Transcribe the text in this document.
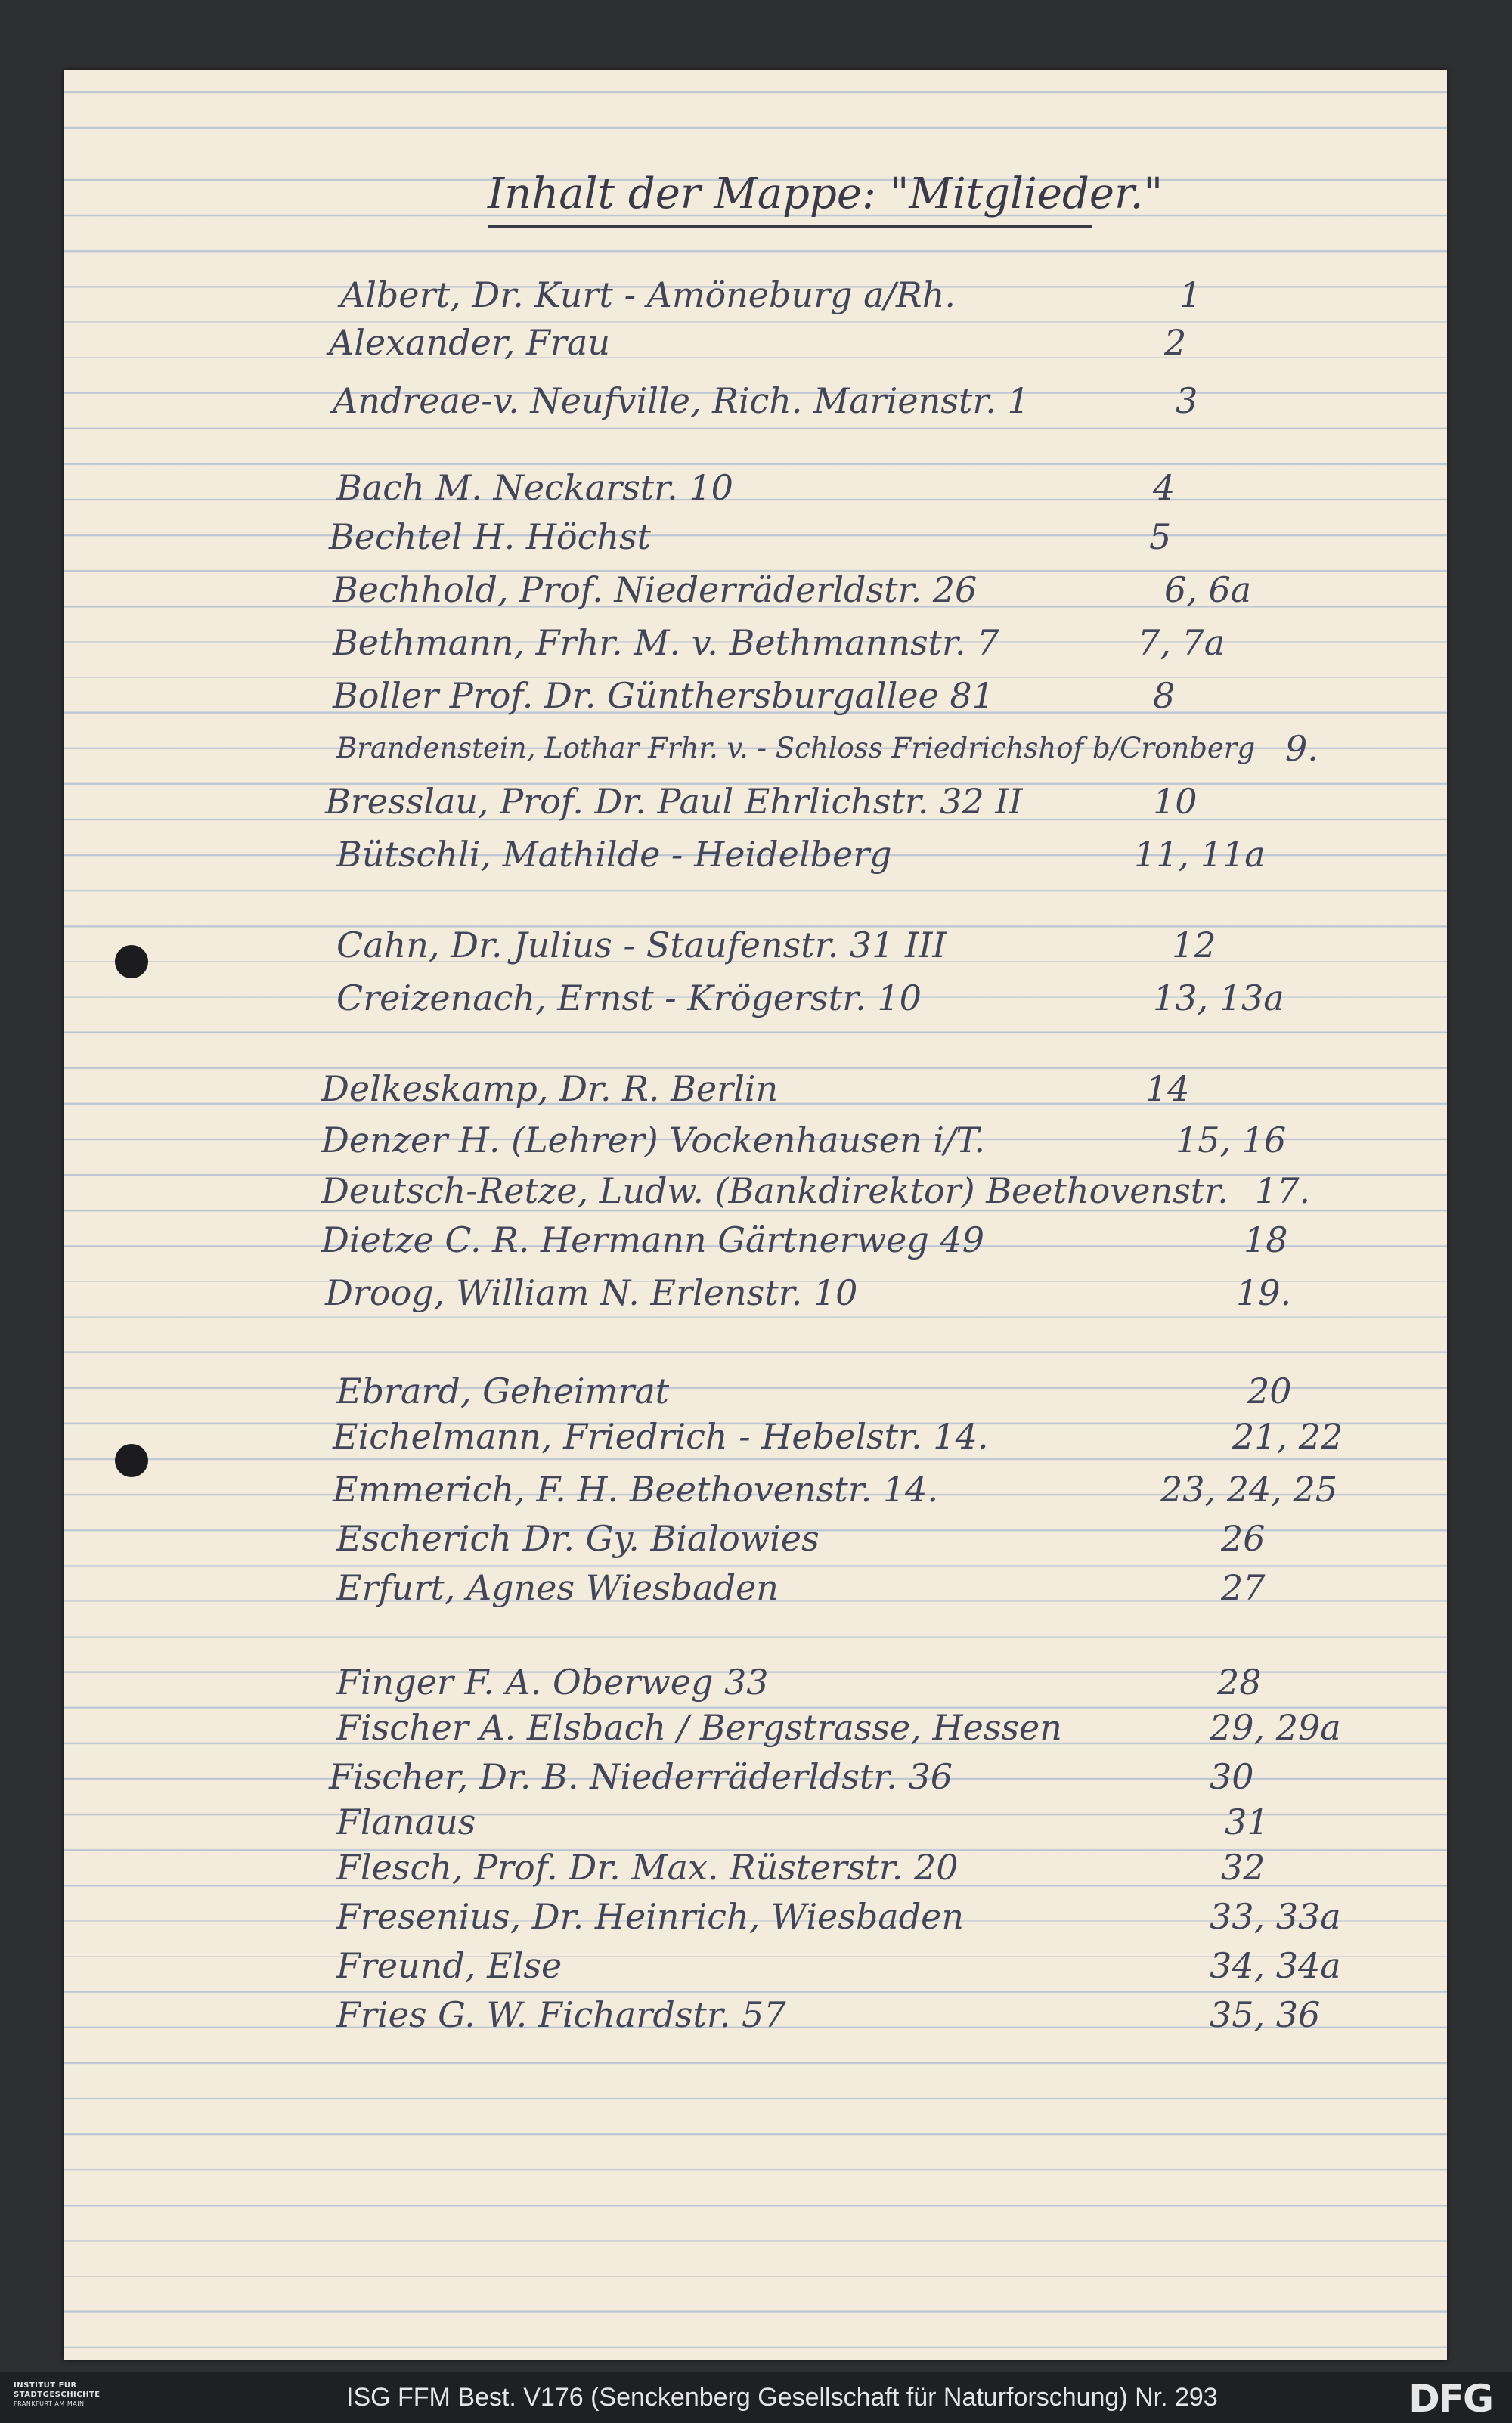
Inhalt der Mappe: "Mitglieder."
Albert, Dr. Kurt - Amöneburg a/Rh.	1
Alexander, Frau	2
Andreae-v. Neufville, Rich. Marienstr. 1	3
Bach M. Neckarstr. 10	4
Bechtel H. Höchst	5
Bechhold, Prof. Niederräderldstr. 26	6, 6a
Bethmann, Frhr. M. v. Bethmannstr. 7	7, 7a
Boller Prof. Dr. Günthersburgallee 81	8
Brandenstein, Lothar Frhr. v. - Schloss Friedrichshof b/Cronberg 9.
Bresslau, Prof. Dr. Paul Ehrlichstr. 32 II	10
Bütschli, Mathilde - Heidelberg	11, 11a
Cahn, Dr. Julius - Staufenstr. 31 III	12
Creizenach, Ernst - Krögerstr. 10	13, 13a
Delkeskamp, Dr. R. Berlin	14
Denzer H. (Lehrer) Vockenhausen i/T.	15, 16
Deutsch-Retze, Ludw. (Bankdirektor) Beethovenstr. 17.
Dietze C. R. Hermann Gärtnerweg 49	18
Droog, William N. Erlenstr. 10	19.
Ebrard, Geheimrat	20
Eichelmann, Friedrich - Hebelstr. 14.	21, 22
Emmerich, F. H. Beethovenstr. 14.	23, 24, 25
Escherich Dr. Gy. Bialowies	26
Erfurt, Agnes Wiesbaden	27
Finger F. A. Oberweg 33	28
Fischer A. Elsbach / Bergstrasse, Hessen	29, 29a
Fischer, Dr. B. Niederräderldstr. 36	30
Flanaus	31
Flesch, Prof. Dr. Max. Rüsterstr. 20	32
Fresenius, Dr. Heinrich, Wiesbaden	33, 33a
Freund, Else	34, 34a
Fries G. W. Fichardstr. 57	35, 36
INSTITUT FÜR
STADTGESCHICHTE
FRANKFURT AM MAIN	ISG FFM Best. V176 (Senckenberg Gesellschaft für Naturforschung) Nr. 293	DFG
